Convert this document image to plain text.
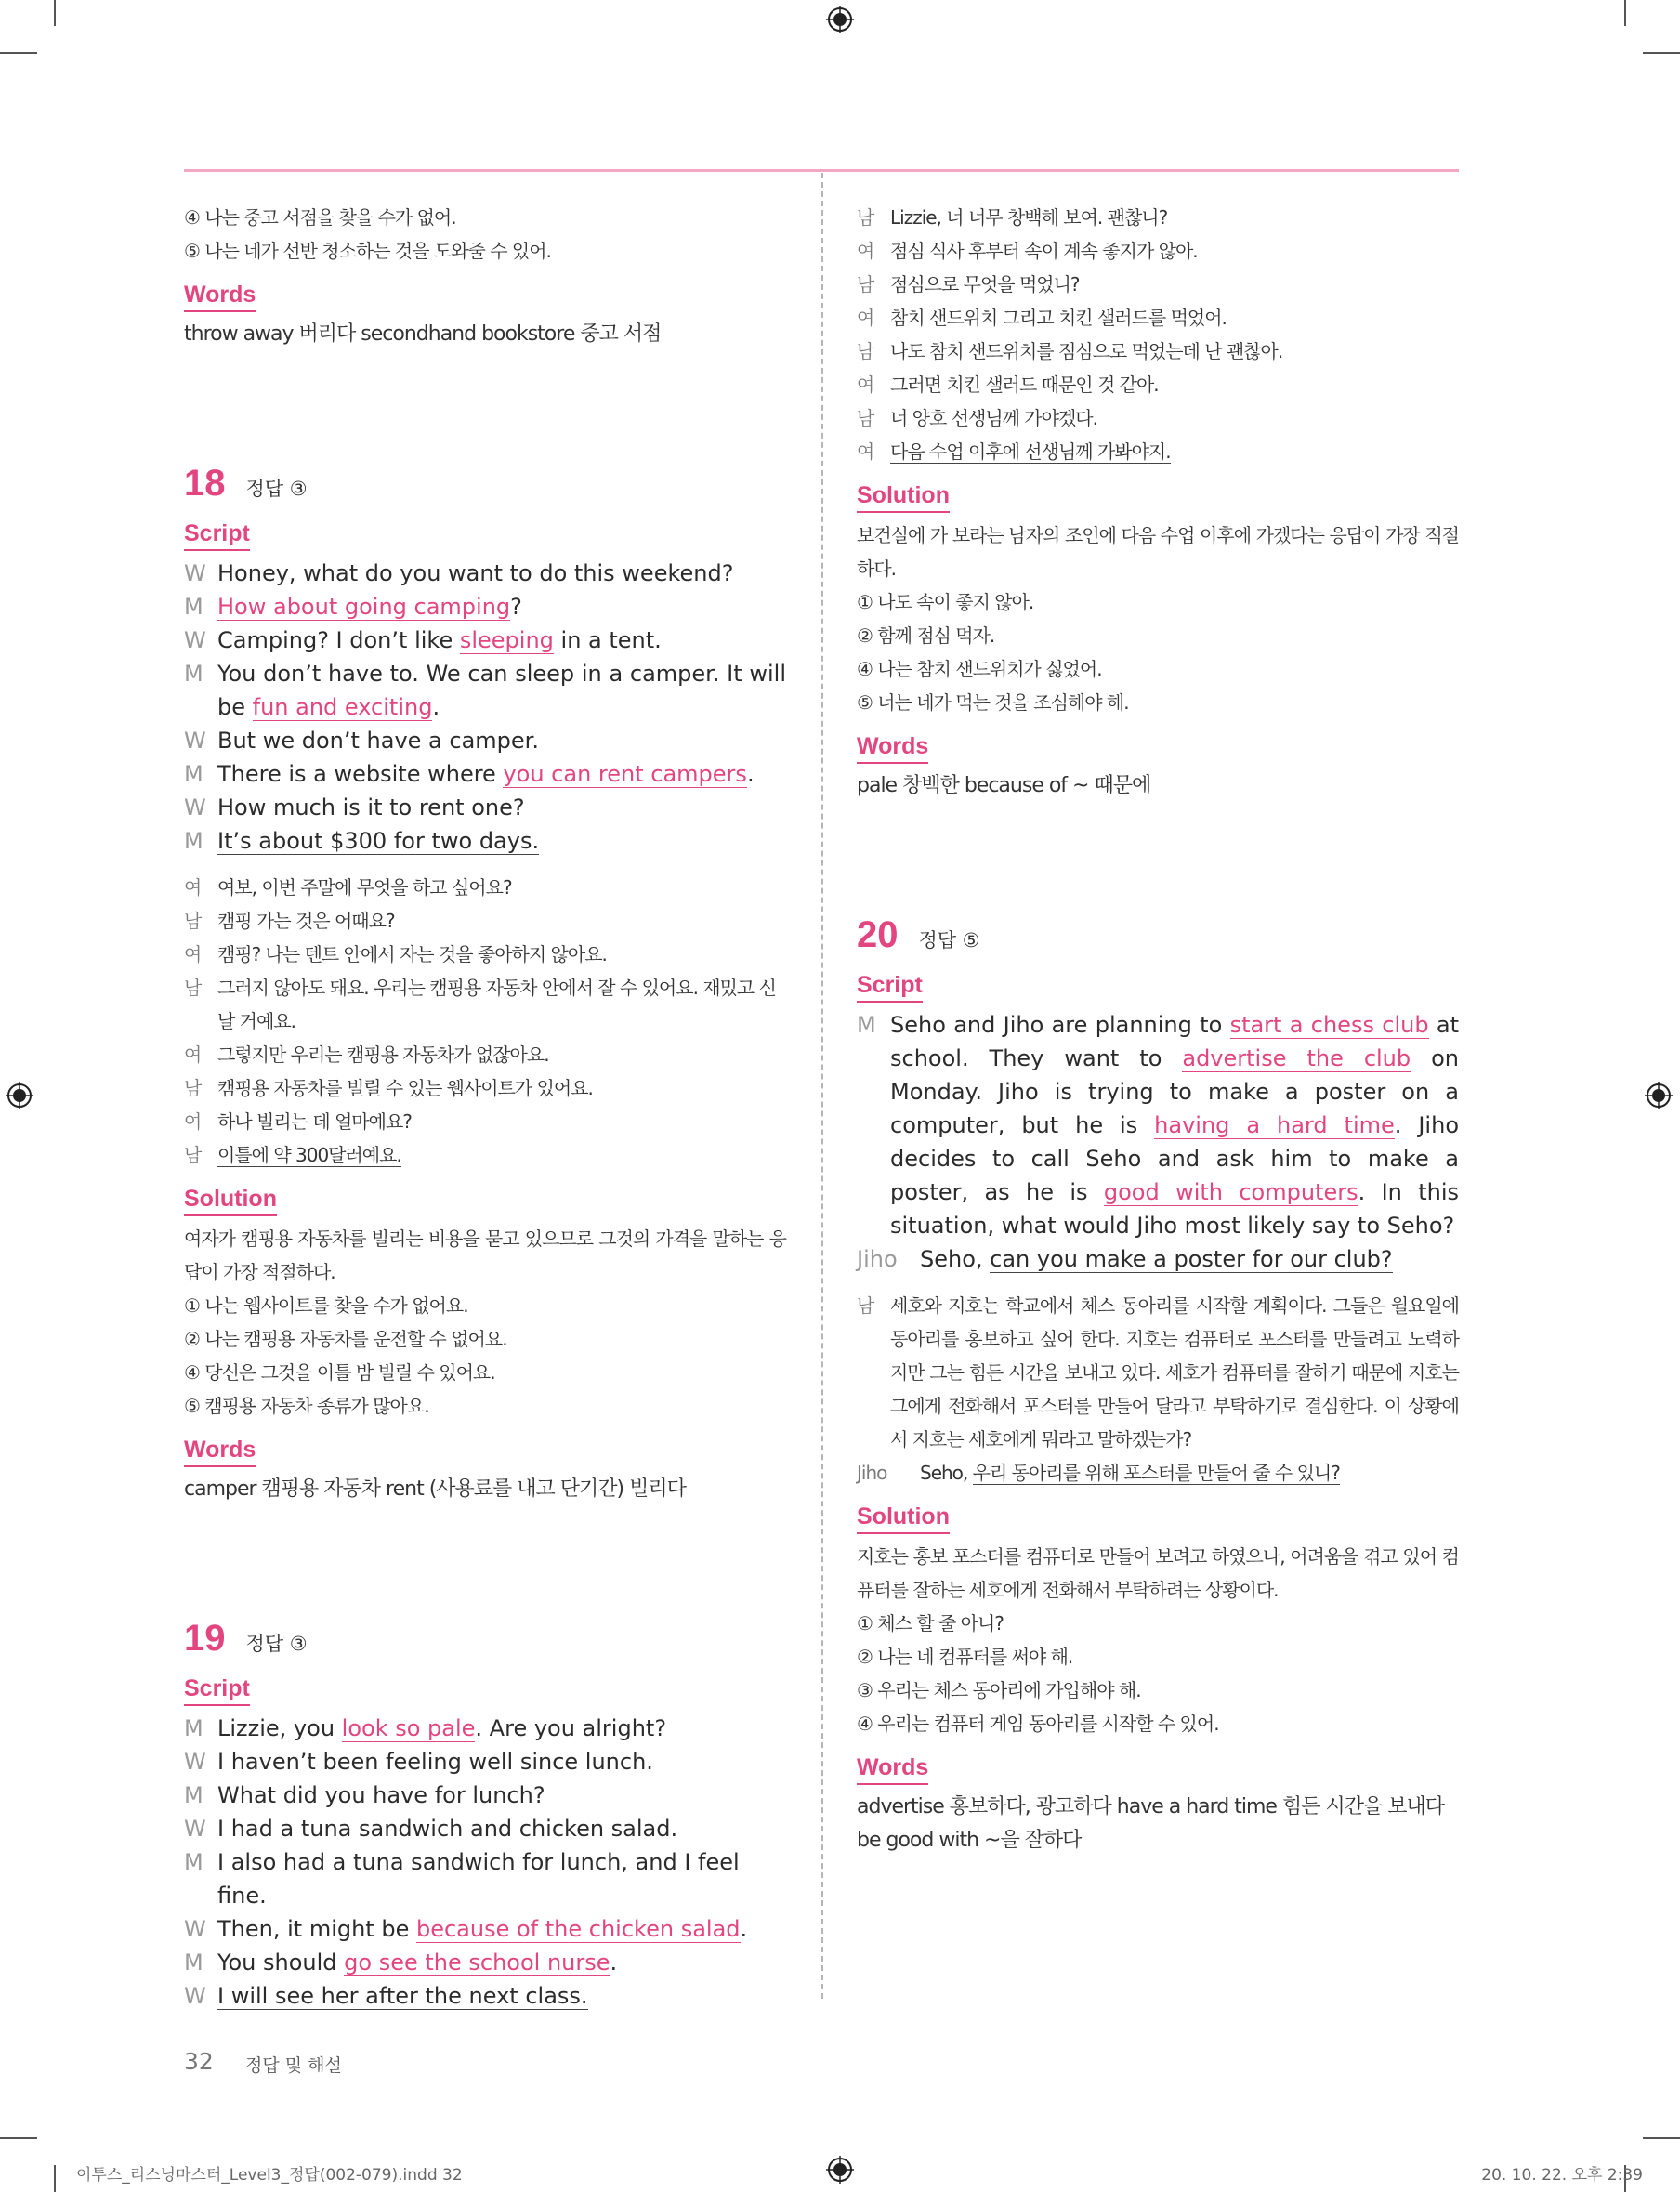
④ 나는 중고 서점을 찾을 수가 없어.
⑤ 나는 네가 선반 청소하는 것을 도와줄 수 있어.
Words
throw away 버리다 secondhand bookstore 중고 서점
18 정답 ③
Script
W Honey, what do you want to do this weekend?
M How about going camping?
W Camping? I don’t like sleeping in a tent.
M You don’t have to. We can sleep in a camper. It will be fun and exciting.
W But we don’t have a camper.
M There is a website where you can rent campers.
W How much is it to rent one?
M It’s about $300 for two days.
여 여보, 이번 주말에 무엇을 하고 싶어요?
남 캠핑 가는 것은 어때요?
여 캠핑? 나는 텐트 안에서 자는 것을 좋아하지 않아요.
남 그러지 않아도 돼요. 우리는 캠핑용 자동차 안에서 잘 수 있어요. 재밌고 신날 거예요.
여 그렇지만 우리는 캠핑용 자동차가 없잖아요.
남 캠핑용 자동차를 빌릴 수 있는 웹사이트가 있어요.
여 하나 빌리는 데 얼마예요?
남 이틀에 약 300달러예요.
Solution
여자가 캠핑용 자동차를 빌리는 비용을 묻고 있으므로 그것의 가격을 말하는 응답이 가장 적절하다.
① 나는 웹사이트를 찾을 수가 없어요.
② 나는 캠핑용 자동차를 운전할 수 없어요.
④ 당신은 그것을 이틀 밤 빌릴 수 있어요.
⑤ 캠핑용 자동차 종류가 많아요.
Words
camper 캠핑용 자동차 rent (사용료를 내고 단기간) 빌리다
19 정답 ③
Script
M Lizzie, you look so pale. Are you alright?
W I haven’t been feeling well since lunch.
M What did you have for lunch?
W I had a tuna sandwich and chicken salad.
M I also had a tuna sandwich for lunch, and I feel fine.
W Then, it might be because of the chicken salad.
M You should go see the school nurse.
W I will see her after the next class.
남 Lizzie, 너 너무 창백해 보여. 괜찮니?
여 점심 식사 후부터 속이 계속 좋지가 않아.
남 점심으로 무엇을 먹었니?
여 참치 샌드위치 그리고 치킨 샐러드를 먹었어.
남 나도 참치 샌드위치를 점심으로 먹었는데 난 괜찮아.
여 그러면 치킨 샐러드 때문인 것 같아.
남 너 양호 선생님께 가야겠다.
여 다음 수업 이후에 선생님께 가봐야지.
Solution
보건실에 가 보라는 남자의 조언에 다음 수업 이후에 가겠다는 응답이 가장 적절하다.
① 나도 속이 좋지 않아.
② 함께 점심 먹자.
④ 나는 참치 샌드위치가 싫었어.
⑤ 너는 네가 먹는 것을 조심해야 해.
Words
pale 창백한 because of ~ 때문에
20 정답 ⑤
Script
M Seho and Jiho are planning to start a chess club at school. They want to advertise the club on Monday. Jiho is trying to make a poster on a computer, but he is having a hard time. Jiho decides to call Seho and ask him to make a poster, as he is good with computers. In this situation, what would Jiho most likely say to Seho?
Jiho	Seho, can you make a poster for our club?
남 세호와 지호는 학교에서 체스 동아리를 시작할 계획이다. 그들은 월요일에 동아리를 홍보하고 싶어 한다. 지호는 컴퓨터로 포스터를 만들려고 노력하지만 그는 힘든 시간을 보내고 있다. 세호가 컴퓨터를 잘하기 때문에 지호는 그에게 전화해서 포스터를 만들어 달라고 부탁하기로 결심한다. 이 상황에서 지호는 세호에게 뭐라고 말하겠는가?
Jiho	Seho, 우리 동아리를 위해 포스터를 만들어 줄 수 있니?
Solution
지호는 홍보 포스터를 컴퓨터로 만들어 보려고 하였으나, 어려움을 겪고 있어 컴퓨터를 잘하는 세호에게 전화해서 부탁하려는 상황이다.
① 체스 할 줄 아니?
② 나는 네 컴퓨터를 써야 해.
③ 우리는 체스 동아리에 가입해야 해.
④ 우리는 컴퓨터 게임 동아리를 시작할 수 있어.
Words
advertise 홍보하다, 광고하다 have a hard time 힘든 시간을 보내다 be good with ~을 잘하다
32 정답 및 해설
이투스_리스닝마스터_Level3_정답(002-079).indd 32	20. 10. 22. 오후 2:39
